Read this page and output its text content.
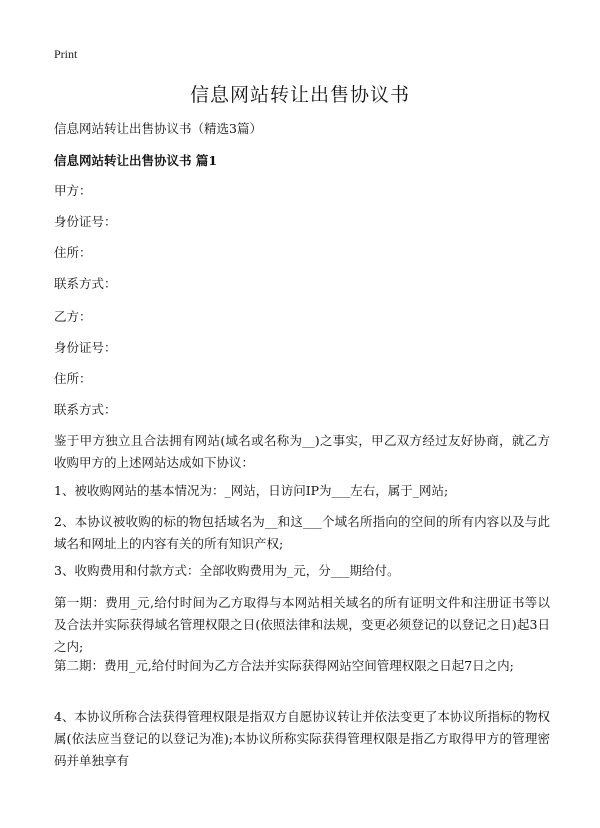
Print
信息网站转让出售协议书
信息网站转让出售协议书（精选3篇）
信息网站转让出售协议书 篇1
甲方：
身份证号：
住所：
联系方式：
乙方：
身份证号：
住所：
联系方式：
鉴于甲方独立且合法拥有网站(域名或名称为__)之事实，甲乙双方经过友好协商，就乙方收购甲方的上述网站达成如下协议：
1、被收购网站的基本情况为：_网站，日访问IP为___左右，属于_网站;
2、本协议被收购的标的物包括域名为__和这___个域名所指向的空间的所有内容以及与此域名和网址上的内容有关的所有知识产权;
3、收购费用和付款方式：全部收购费用为_元，分___期给付。
第一期：费用_元,给付时间为乙方取得与本网站相关域名的所有证明文件和注册证书等以及合法并实际获得域名管理权限之日(依照法律和法规，变更必须登记的以登记之日)起3日之内;
第二期：费用_元,给付时间为乙方合法并实际获得网站空间管理权限之日起7日之内;
4、本协议所称合法获得管理权限是指双方自愿协议转让并依法变更了本协议所指标的物权属(依法应当登记的以登记为准);本协议所称实际获得管理权限是指乙方取得甲方的管理密码并单独享有
